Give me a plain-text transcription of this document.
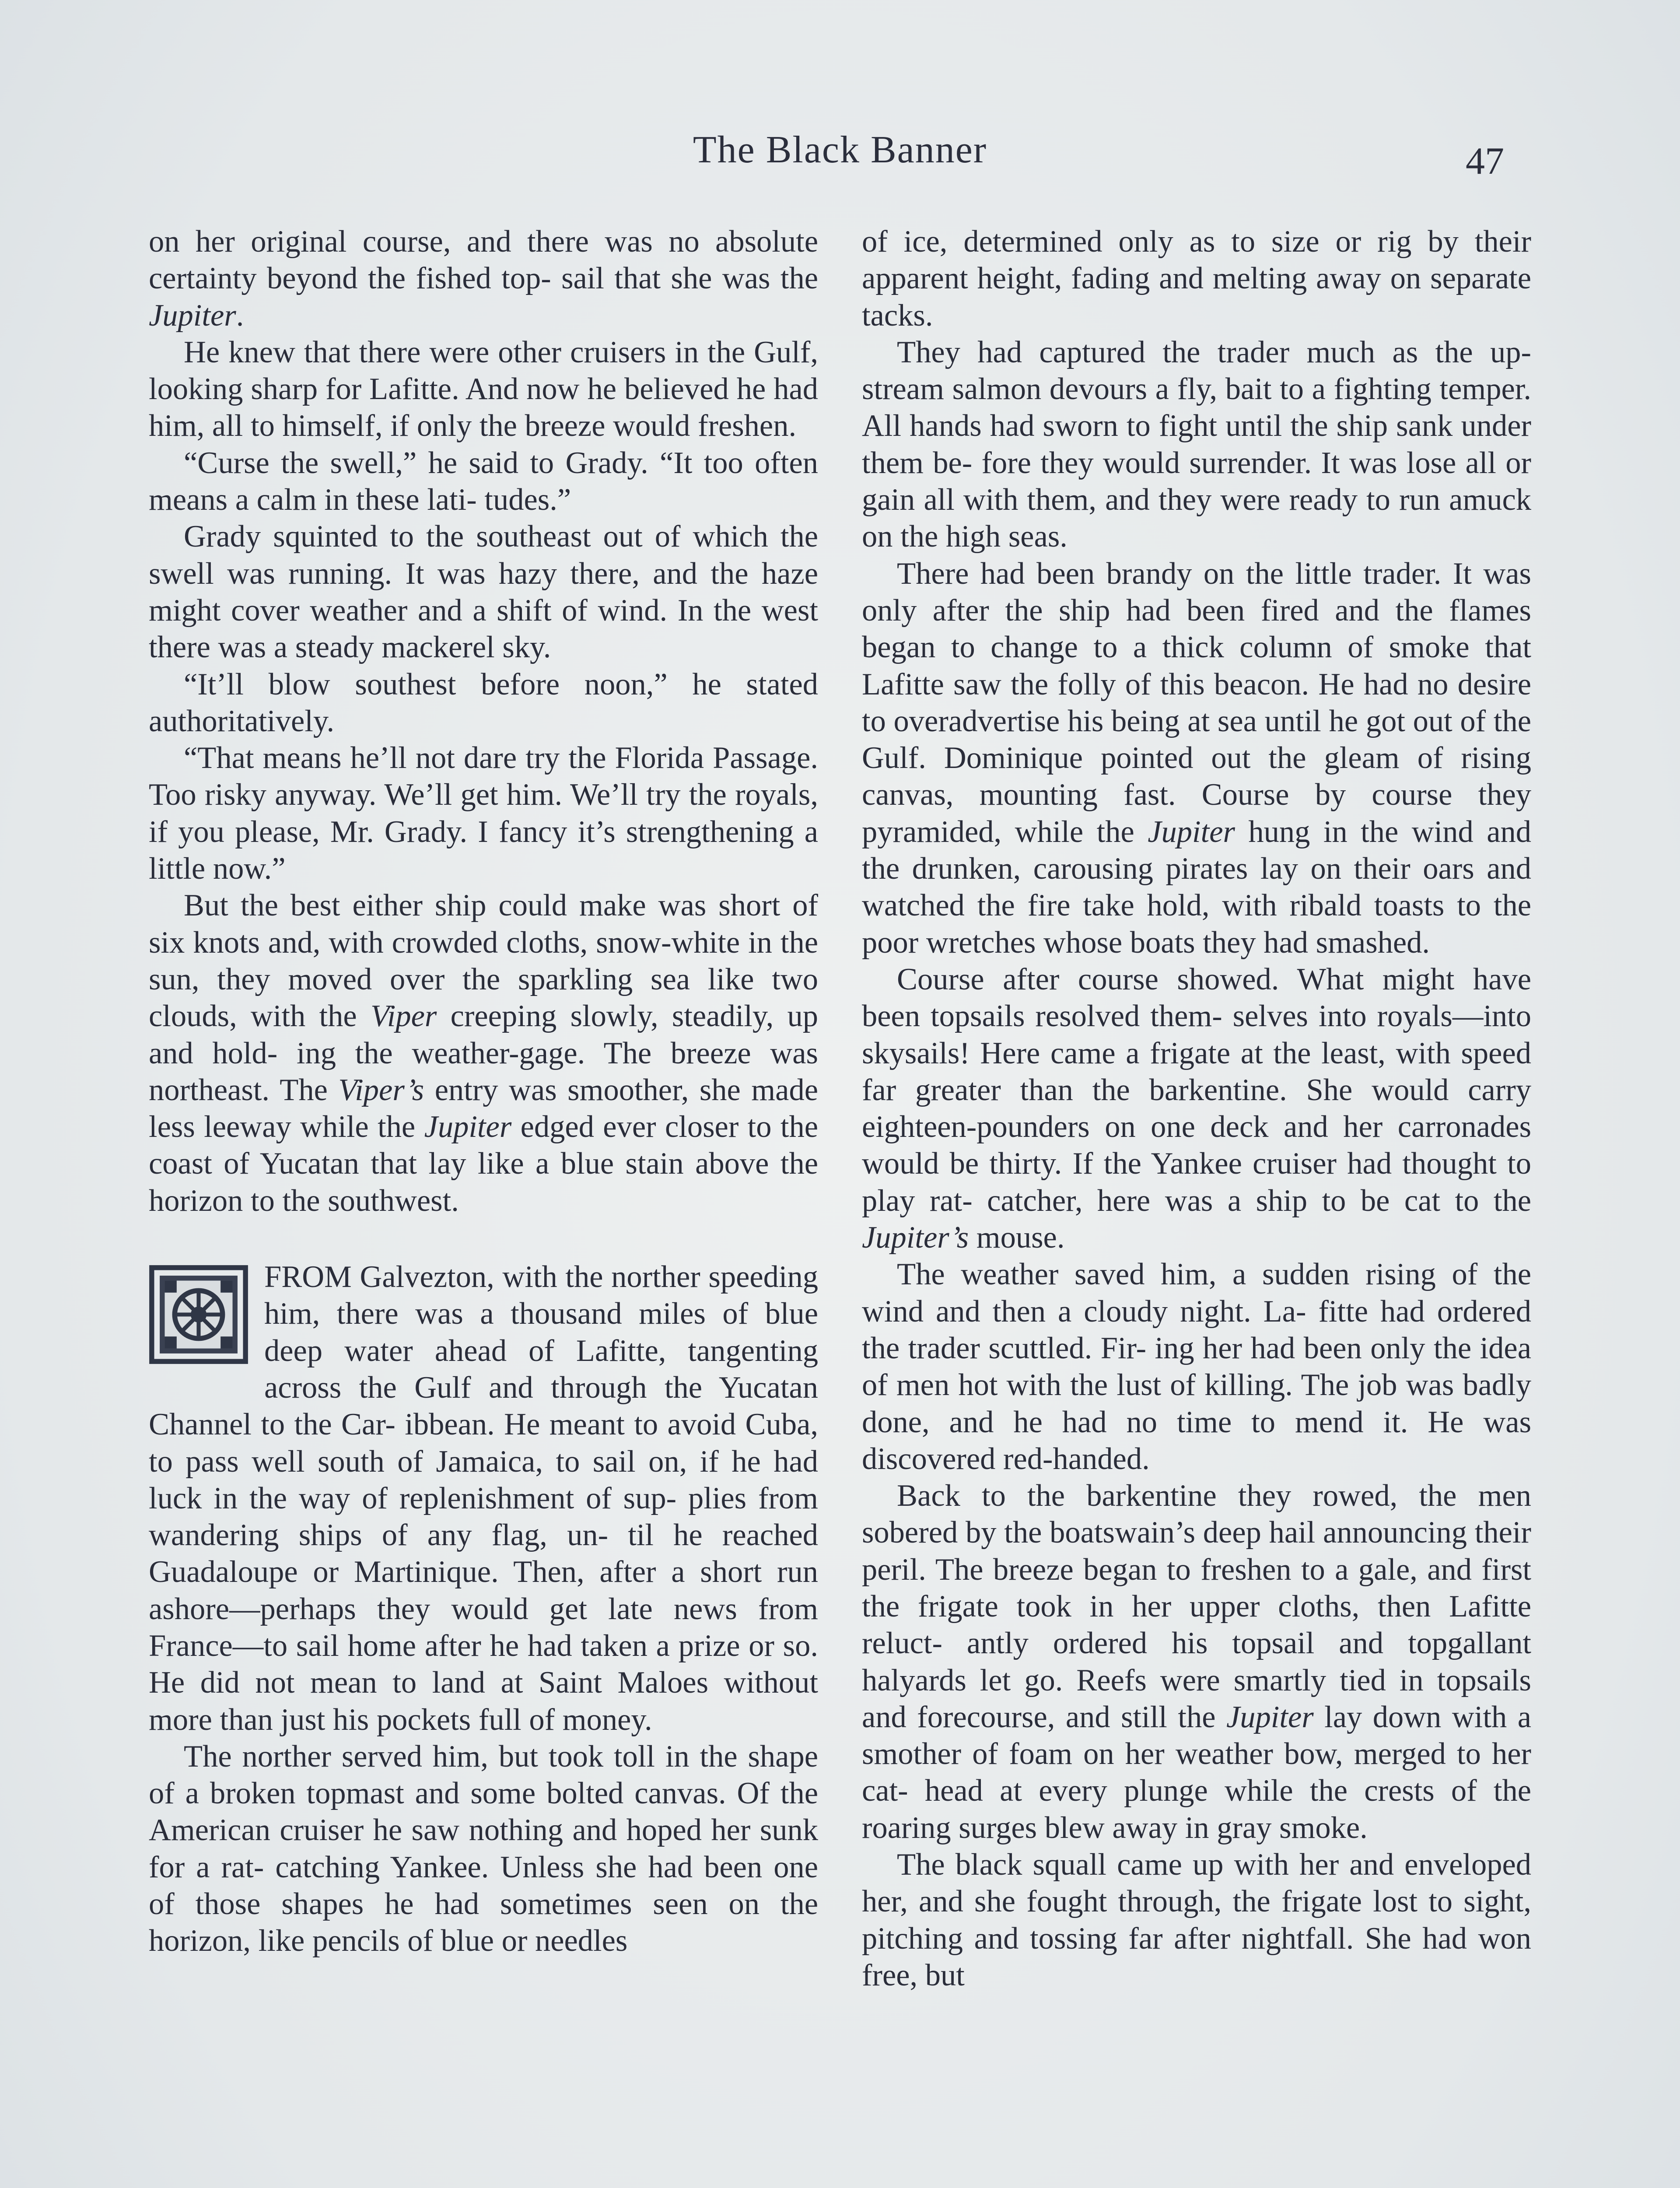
The Black Banner	47

on her original course, and there was no absolute certainty beyond the fished top- sail that she was the Jupiter.

He knew that there were other cruisers in the Gulf, looking sharp for Lafitte. And now he believed he had him, all to himself, if only the breeze would freshen.

“Curse the swell,” he said to Grady. “It too often means a calm in these lati- tudes.”

Grady squinted to the southeast out of which the swell was running. It was hazy there, and the haze might cover weather and a shift of wind. In the west there was a steady mackerel sky.

“It’ll blow southest before noon,” he stated authoritatively.

“That means he’ll not dare try the Florida Passage. Too risky anyway. We’ll get him. We’ll try the royals, if you please, Mr. Grady. I fancy it’s strengthening a little now.”

But the best either ship could make was short of six knots and, with crowded cloths, snow-white in the sun, they moved over the sparkling sea like two clouds, with the Viper creeping slowly, steadily, up and hold- ing the weather-gage. The breeze was northeast. The Viper’s entry was smoother, she made less leeway while the Jupiter edged ever closer to the coast of Yucatan that lay like a blue stain above the horizon to the southwest.

FROM Galvezton, with the norther speeding him, there was a thousand miles of blue deep water ahead of Lafitte, tangenting across the Gulf and through the Yucatan Channel to the Car- ibbean. He meant to avoid Cuba, to pass well south of Jamaica, to sail on, if he had luck in the way of replenishment of sup- plies from wandering ships of any flag, un- til he reached Guadaloupe or Martinique. Then, after a short run ashore—perhaps they would get late news from France—to sail home after he had taken a prize or so. He did not mean to land at Saint Maloes without more than just his pockets full of money.

The norther served him, but took toll in the shape of a broken topmast and some bolted canvas. Of the American cruiser he saw nothing and hoped her sunk for a rat- catching Yankee. Unless she had been one of those shapes he had sometimes seen on the horizon, like pencils of blue or needles

of ice, determined only as to size or rig by their apparent height, fading and melting away on separate tacks.

They had captured the trader much as the up-stream salmon devours a fly, bait to a fighting temper. All hands had sworn to fight until the ship sank under them be- fore they would surrender. It was lose all or gain all with them, and they were ready to run amuck on the high seas.

There had been brandy on the little trader. It was only after the ship had been fired and the flames began to change to a thick column of smoke that Lafitte saw the folly of this beacon. He had no desire to overadvertise his being at sea until he got out of the Gulf. Dominique pointed out the gleam of rising canvas, mounting fast. Course by course they pyramided, while the Jupiter hung in the wind and the drunken, carousing pirates lay on their oars and watched the fire take hold, with ribald toasts to the poor wretches whose boats they had smashed.

Course after course showed. What might have been topsails resolved them- selves into royals—into skysails! Here came a frigate at the least, with speed far greater than the barkentine. She would carry eighteen-pounders on one deck and her carronades would be thirty. If the Yankee cruiser had thought to play rat- catcher, here was a ship to be cat to the Jupiter’s mouse.

The weather saved him, a sudden rising of the wind and then a cloudy night. La- fitte had ordered the trader scuttled. Fir- ing her had been only the idea of men hot with the lust of killing. The job was badly done, and he had no time to mend it. He was discovered red-handed.

Back to the barkentine they rowed, the men sobered by the boatswain’s deep hail announcing their peril. The breeze began to freshen to a gale, and first the frigate took in her upper cloths, then Lafitte reluct- antly ordered his topsail and topgallant halyards let go. Reefs were smartly tied in topsails and forecourse, and still the Jupiter lay down with a smother of foam on her weather bow, merged to her cat- head at every plunge while the crests of the roaring surges blew away in gray smoke.

The black squall came up with her and enveloped her, and she fought through, the frigate lost to sight, pitching and tossing far after nightfall. She had won free, but
